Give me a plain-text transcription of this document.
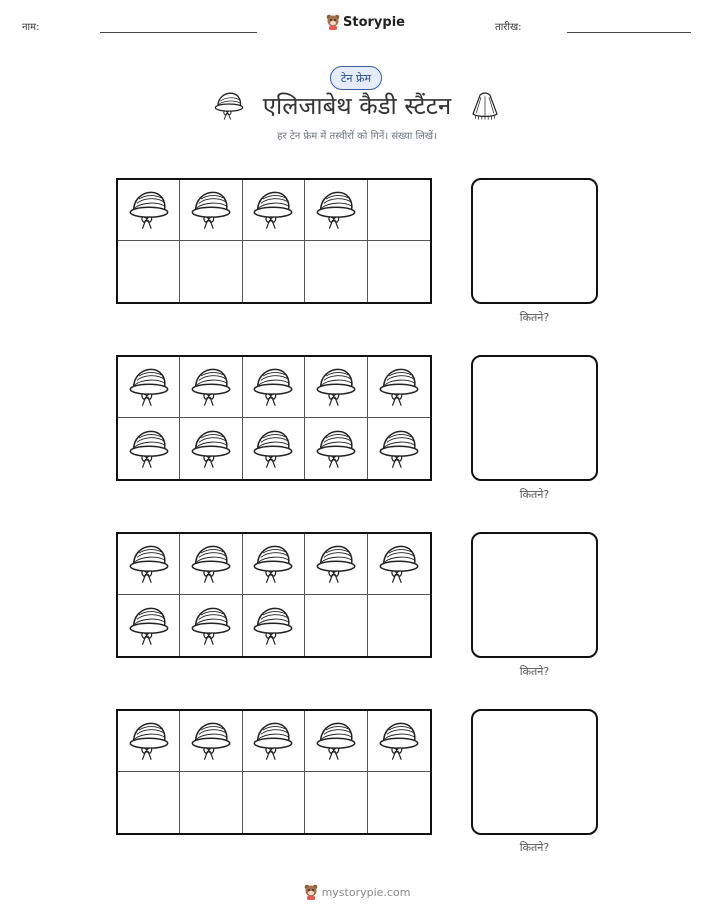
नाम:	Storypie	तारीख:
टेन फ्रेम
एलिजाबेथ कैडी स्टैंटन
हर टेन फ्रेम में तस्वीरों को गिनें। संख्या लिखें।
कितने?
कितने?
कितने?
कितने?
mystorypie.com
